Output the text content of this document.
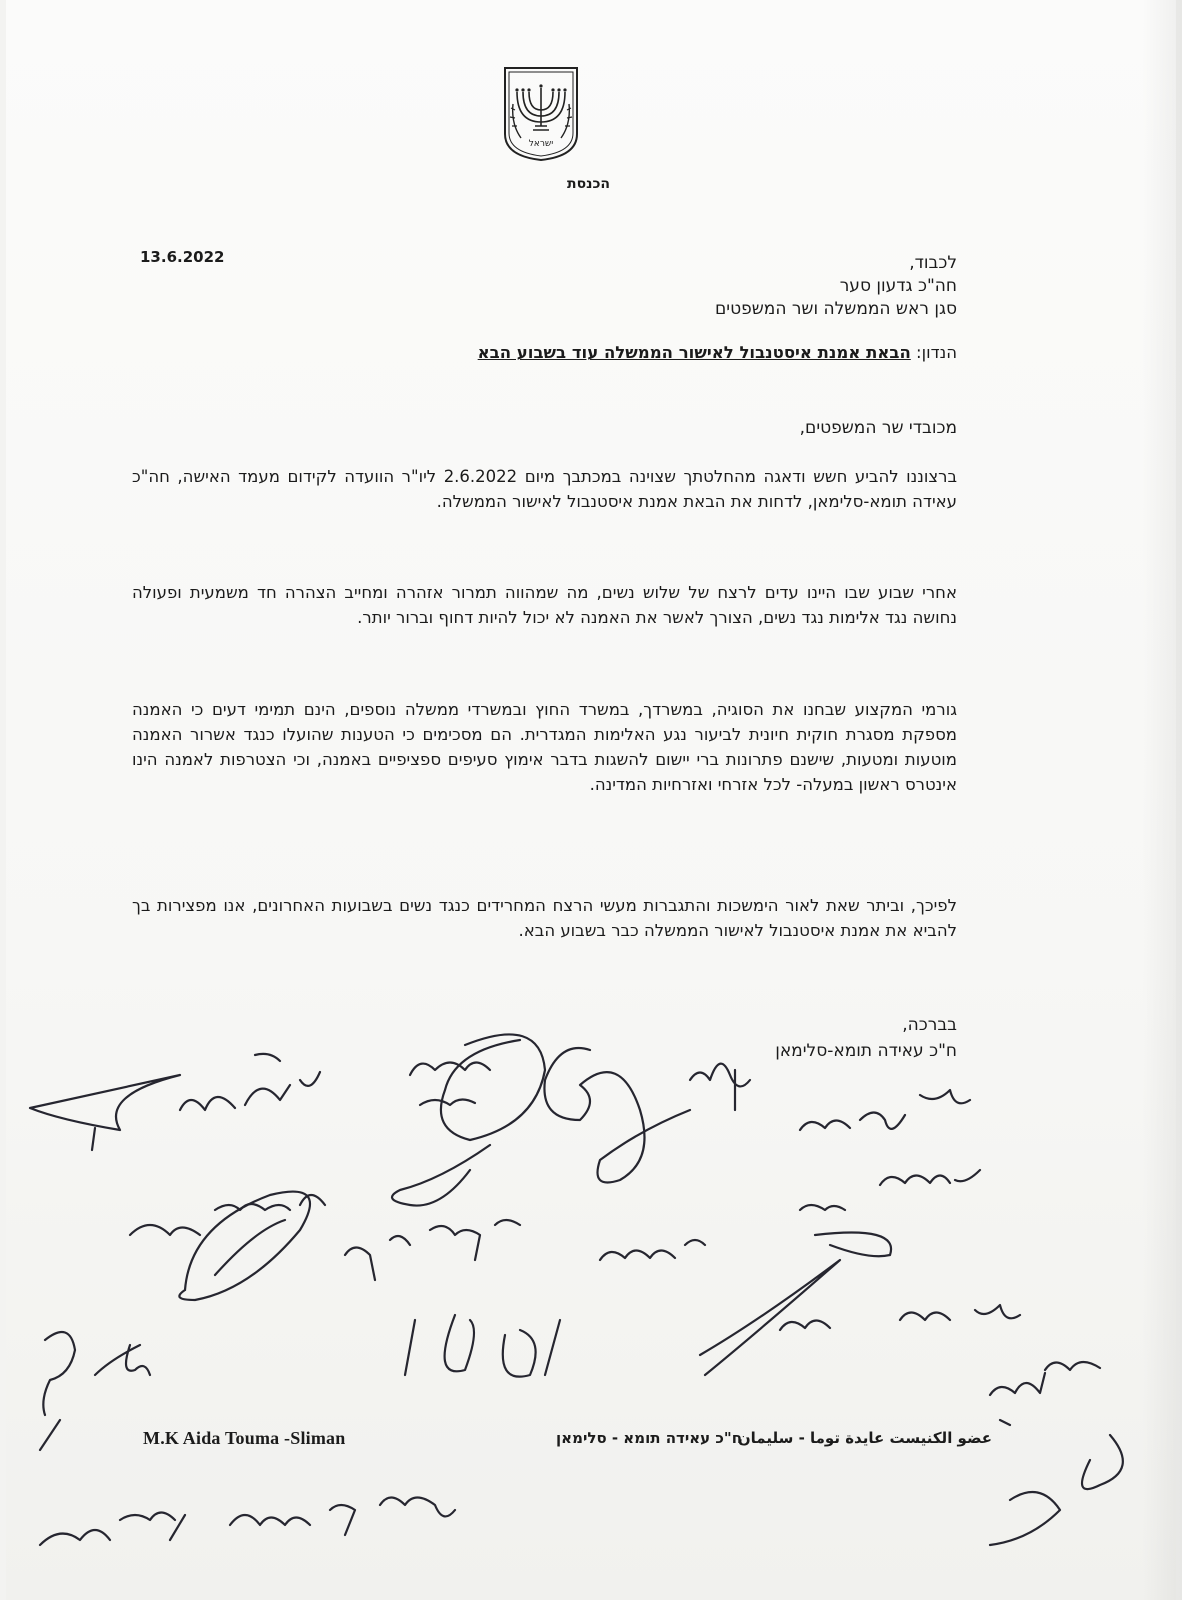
ישראל
הכנסת
13.6.2022	לכבוד,
חה"כ גדעון סער
סגן ראש הממשלה ושר המשפטים
הנדון: הבאת אמנת איסטנבול לאישור הממשלה עוד בשבוע הבא
מכובדי שר המשפטים,
ברצוננו להביע חשש ודאגה מהחלטתך שצוינה במכתבך מיום 2.6.2022 ליו"ר הוועדה לקידום מעמד האישה, חה"כ עאידה תומא-סלימאן, לדחות את הבאת אמנת איסטנבול לאישור הממשלה.
אחרי שבוע שבו היינו עדים לרצח של שלוש נשים, מה שמהווה תמרור אזהרה ומחייב הצהרה חד משמעית ופעולה נחושה נגד אלימות נגד נשים, הצורך לאשר את האמנה לא יכול להיות דחוף וברור יותר.
גורמי המקצוע שבחנו את הסוגיה, במשרדך, במשרד החוץ ובמשרדי ממשלה נוספים, הינם תמימי דעים כי האמנה מספקת מסגרת חוקית חיונית לביעור נגע האלימות המגדרית. הם מסכימים כי הטענות שהועלו כנגד אשרור האמנה מוטעות ומטעות, שישנם פתרונות ברי יישום להשגות בדבר אימוץ סעיפים ספציפיים באמנה, וכי הצטרפות לאמנה הינו אינטרס ראשון במעלה- לכל אזרחי ואזרחיות המדינה.
לפיכך, וביתר שאת לאור הימשכות והתגברות מעשי הרצח המחרידים כנגד נשים בשבועות האחרונים, אנו מפצירות בך להביא את אמנת איסטנבול לאישור הממשלה כבר בשבוע הבא.
בברכה,
ח"כ עאידה תומא-סלימאן
M.K Aida Touma -Sliman	ח"כ עאידה תומא - סלימאן
عضو الكنيست عايدة توما - سليمان
